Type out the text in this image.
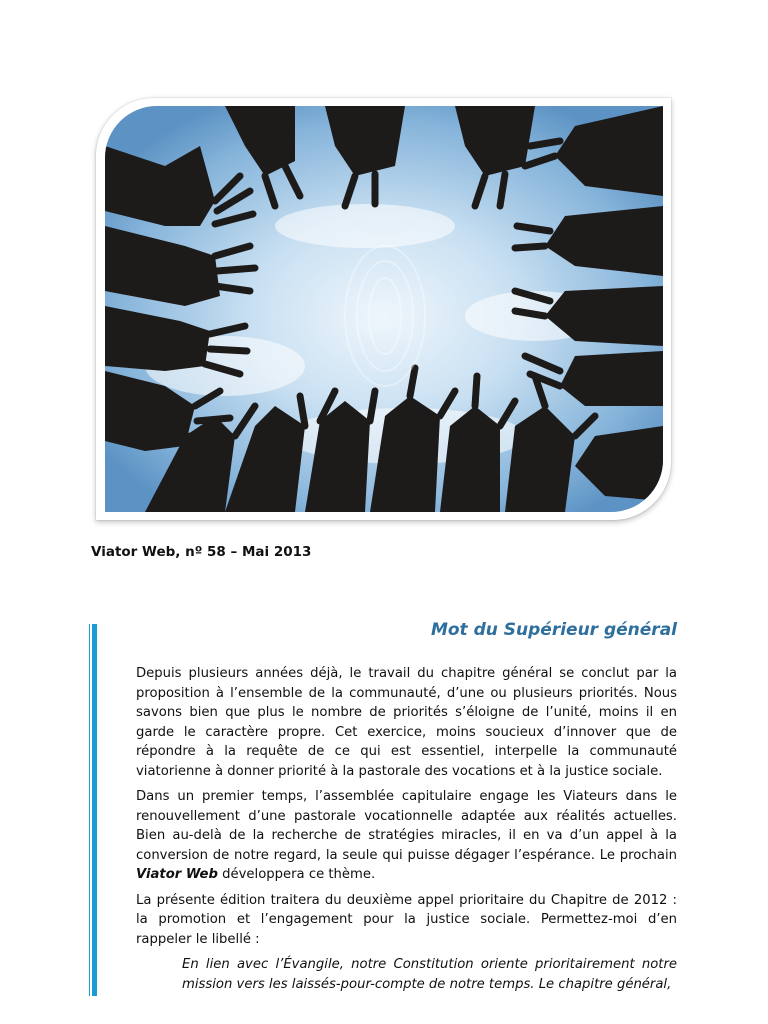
Viator Web, nº 58 – Mai 2013
Mot du Supérieur général

Depuis plusieurs années déjà, le travail du chapitre général se conclut par la proposition à l’ensemble de la communauté, d’une ou plusieurs priorités. Nous savons bien que plus le nombre de priorités s’éloigne de l’unité, moins il en garde le caractère propre. Cet exercice, moins soucieux d’innover que de répondre à la requête de ce qui est essentiel, interpelle la communauté viatorienne à donner priorité à la pastorale des vocations et à la justice sociale.

Dans un premier temps, l’assemblée capitulaire engage les Viateurs dans le renouvellement d’une pastorale vocationnelle adaptée aux réalités actuelles. Bien au-delà de la recherche de stratégies miracles, il en va d’un appel à la conversion de notre regard, la seule qui puisse dégager l’espérance. Le prochain Viator Web développera ce thème.

La présente édition traitera du deuxième appel prioritaire du Chapitre de 2012 : la promotion et l’engagement pour la justice sociale. Permettez-moi d’en rappeler le libellé :

En lien avec l’Évangile, notre Constitution oriente prioritairement notre mission vers les laissés-pour-compte de notre temps. Le chapitre général,
